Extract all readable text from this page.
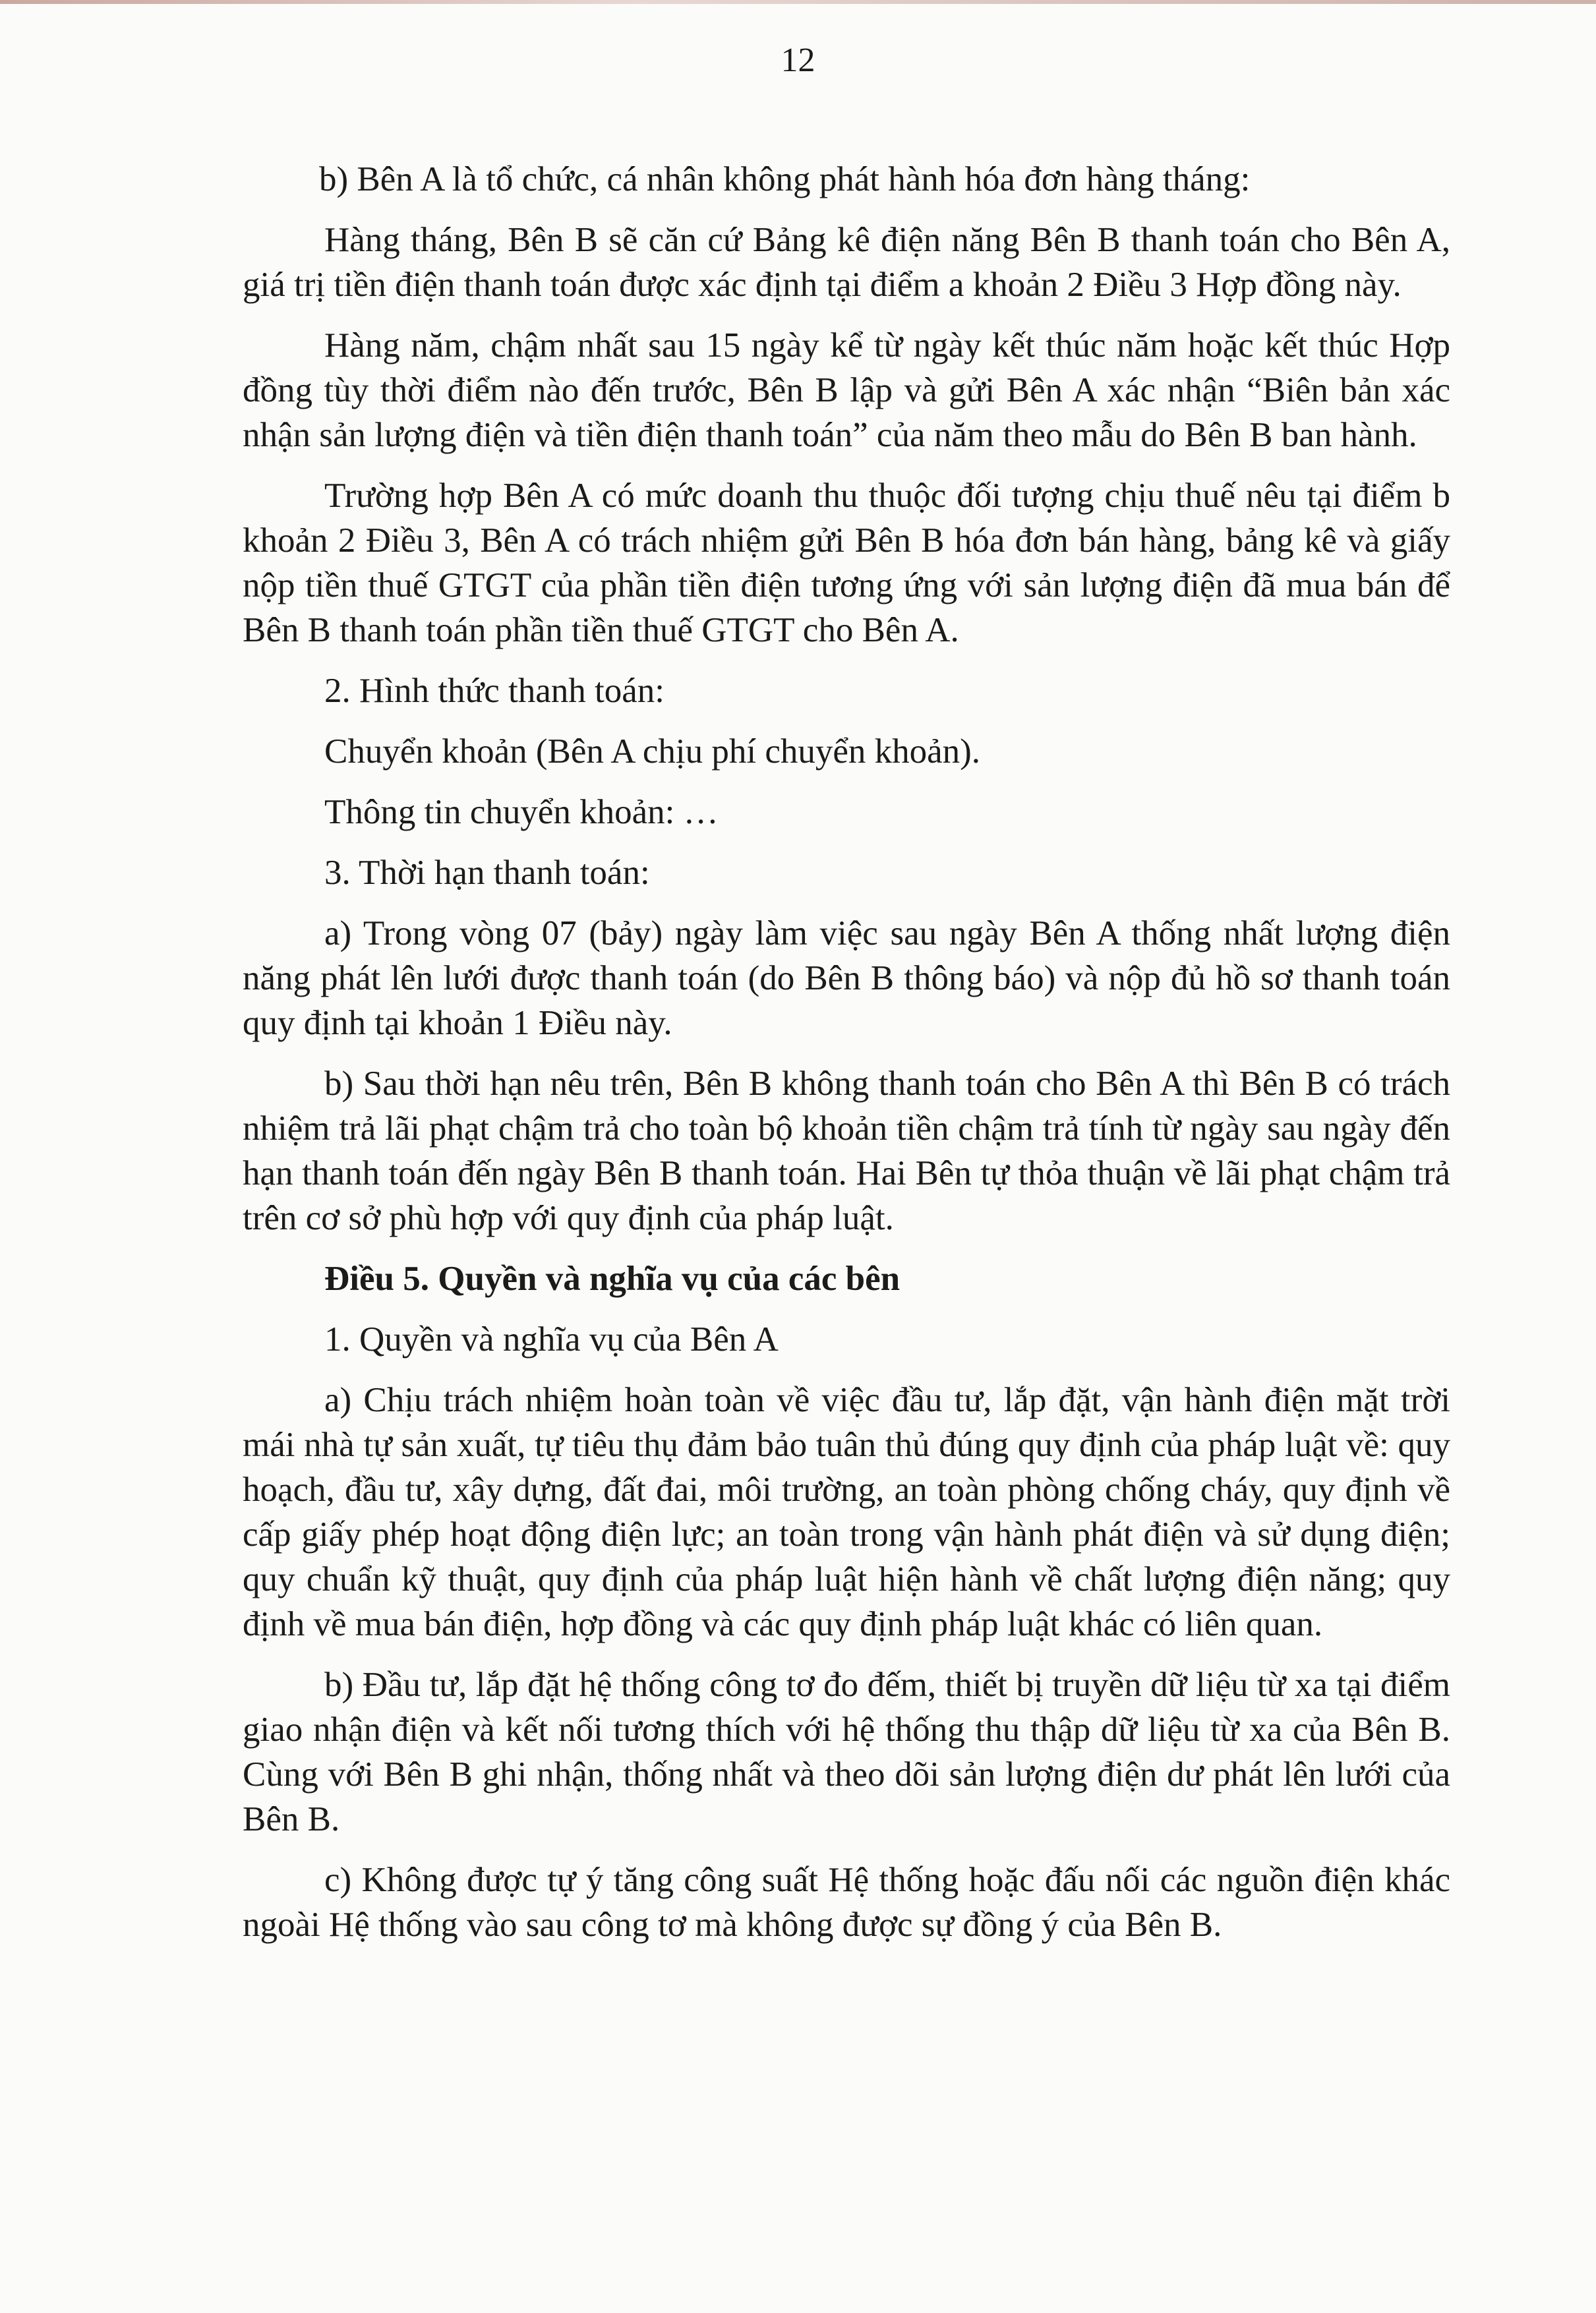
12

b) Bên A là tổ chức, cá nhân không phát hành hóa đơn hàng tháng:

Hàng tháng, Bên B sẽ căn cứ Bảng kê điện năng Bên B thanh toán cho Bên A, giá trị tiền điện thanh toán được xác định tại điểm a khoản 2 Điều 3 Hợp đồng này.

Hàng năm, chậm nhất sau 15 ngày kể từ ngày kết thúc năm hoặc kết thúc Hợp đồng tùy thời điểm nào đến trước, Bên B lập và gửi Bên A xác nhận “Biên bản xác nhận sản lượng điện và tiền điện thanh toán” của năm theo mẫu do Bên B ban hành.

Trường hợp Bên A có mức doanh thu thuộc đối tượng chịu thuế nêu tại điểm b khoản 2 Điều 3, Bên A có trách nhiệm gửi Bên B hóa đơn bán hàng, bảng kê và giấy nộp tiền thuế GTGT của phần tiền điện tương ứng với sản lượng điện đã mua bán để Bên B thanh toán phần tiền thuế GTGT cho Bên A.

2. Hình thức thanh toán:

Chuyển khoản (Bên A chịu phí chuyển khoản).

Thông tin chuyển khoản: …

3. Thời hạn thanh toán:

a) Trong vòng 07 (bảy) ngày làm việc sau ngày Bên A thống nhất lượng điện năng phát lên lưới được thanh toán (do Bên B thông báo) và nộp đủ hồ sơ thanh toán quy định tại khoản 1 Điều này.

b) Sau thời hạn nêu trên, Bên B không thanh toán cho Bên A thì Bên B có trách nhiệm trả lãi phạt chậm trả cho toàn bộ khoản tiền chậm trả tính từ ngày sau ngày đến hạn thanh toán đến ngày Bên B thanh toán. Hai Bên tự thỏa thuận về lãi phạt chậm trả trên cơ sở phù hợp với quy định của pháp luật.

Điều 5. Quyền và nghĩa vụ của các bên

1. Quyền và nghĩa vụ của Bên A

a) Chịu trách nhiệm hoàn toàn về việc đầu tư, lắp đặt, vận hành điện mặt trời mái nhà tự sản xuất, tự tiêu thụ đảm bảo tuân thủ đúng quy định của pháp luật về: quy hoạch, đầu tư, xây dựng, đất đai, môi trường, an toàn phòng chống cháy, quy định về cấp giấy phép hoạt động điện lực; an toàn trong vận hành phát điện và sử dụng điện; quy chuẩn kỹ thuật, quy định của pháp luật hiện hành về chất lượng điện năng; quy định về mua bán điện, hợp đồng và các quy định pháp luật khác có liên quan.

b) Đầu tư, lắp đặt hệ thống công tơ đo đếm, thiết bị truyền dữ liệu từ xa tại điểm giao nhận điện và kết nối tương thích với hệ thống thu thập dữ liệu từ xa của Bên B. Cùng với Bên B ghi nhận, thống nhất và theo dõi sản lượng điện dư phát lên lưới của Bên B.

c) Không được tự ý tăng công suất Hệ thống hoặc đấu nối các nguồn điện khác ngoài Hệ thống vào sau công tơ mà không được sự đồng ý của Bên B.
